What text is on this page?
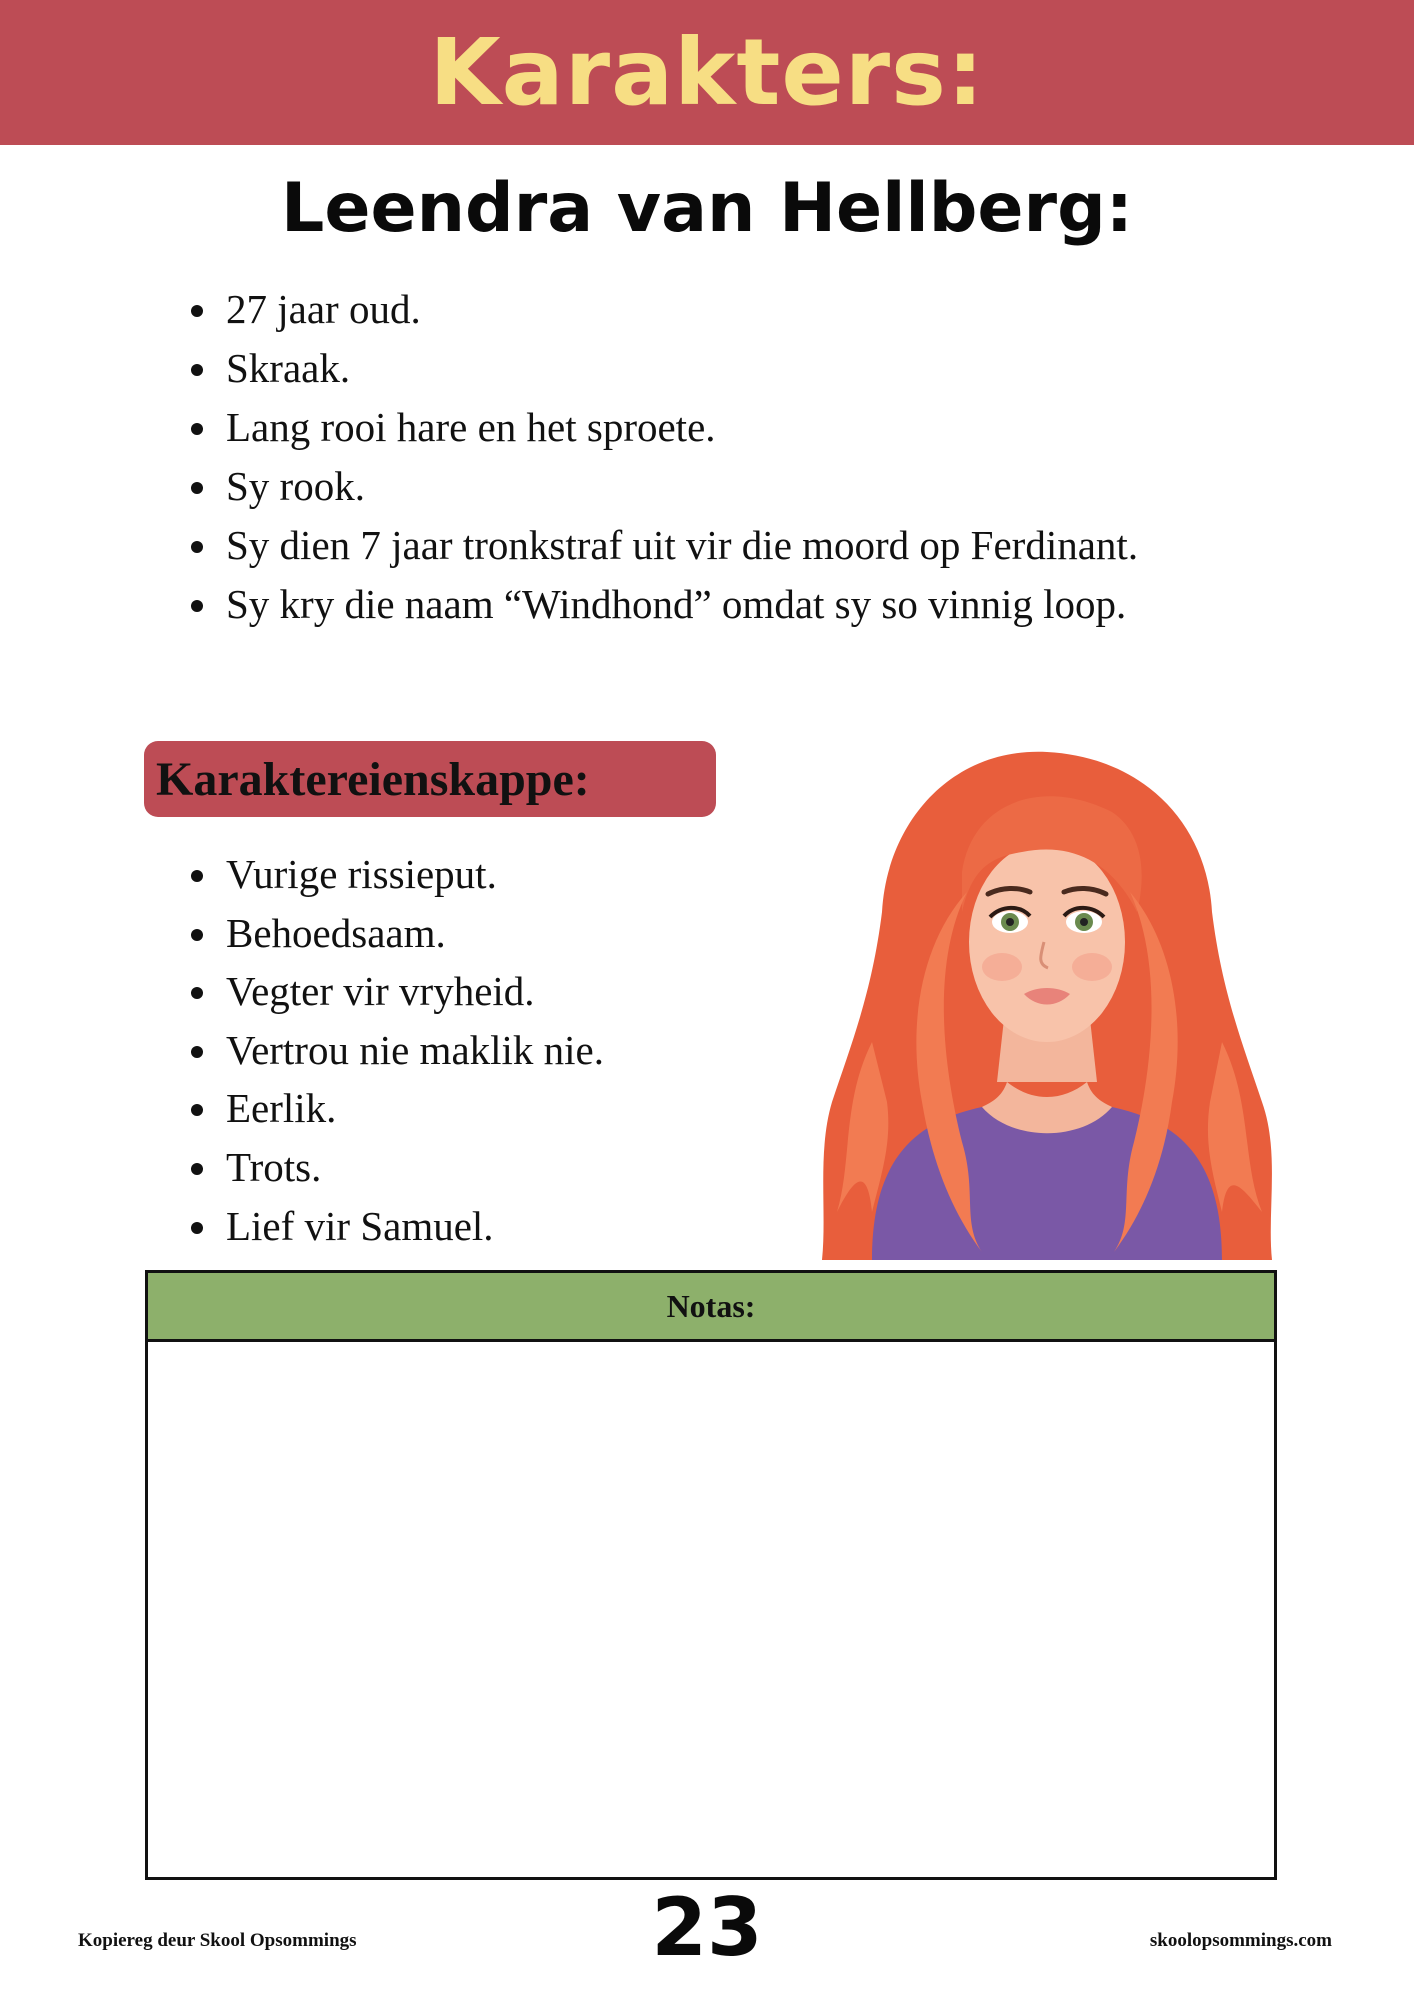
Karakters:
Leendra van Hellberg:
• 27 jaar oud.
• Skraak.
• Lang rooi hare en het sproete.
• Sy rook.
• Sy dien 7 jaar tronkstraf uit vir die moord op Ferdinant.
• Sy kry die naam “Windhond” omdat sy so vinnig loop.
Karaktereienskappe:
• Vurige rissieput.
• Behoedsaam.
• Vegter vir vryheid.
• Vertrou nie maklik nie.
• Eerlik.
• Trots.
• Lief vir Samuel.
Notas:
Kopiereg deur Skool Opsommings	23	skoolopsommings.com
